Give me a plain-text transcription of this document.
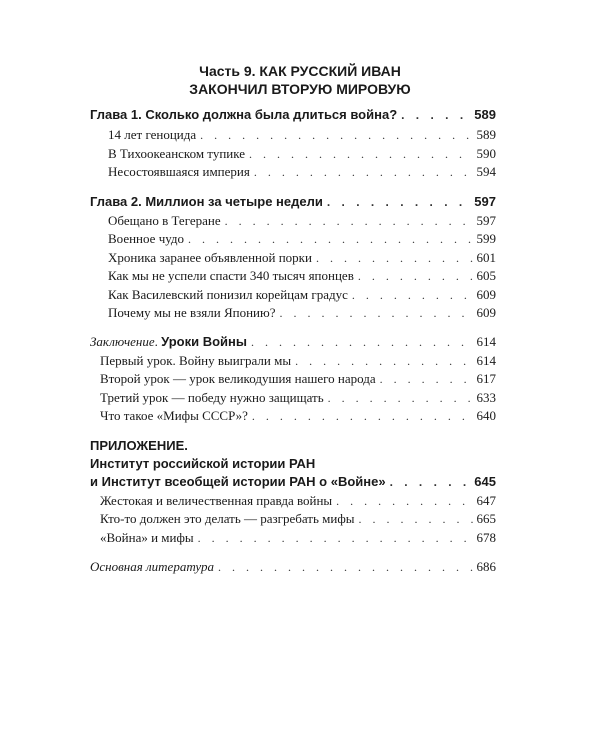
Часть 9. КАК РУССКИЙ ИВАН
ЗАКОНЧИЛ ВТОРУЮ МИРОВУЮ
Глава 1. Сколько должна была длиться война? . . .	589
14 лет геноцида . . .	589
В Тихоокеанском тупике . . .	590
Несостоявшаяся империя . . .	594
Глава 2. Миллион за четыре недели . . .	597
Обещано в Тегеране . . .	597
Военное чудо . . .	599
Хроника заранее объявленной порки . . .	601
Как мы не успели спасти 340 тысяч японцев . . .	605
Как Василевский понизил корейцам градус . . .	609
Почему мы не взяли Японию? . . .	609
Заключение. Уроки Войны . . .	614
Первый урок. Войну выиграли мы . . .	614
Второй урок — урок великодушия нашего народа . . .	617
Третий урок — победу нужно защищать . . .	633
Что такое «Мифы СССР»? . . .	640
ПРИЛОЖЕНИЕ.
Институт российской истории РАН
и Институт всеобщей истории РАН о «Войне» . . .	645
Жестокая и величественная правда войны . . .	647
Кто-то должен это делать — разгребать мифы . . .	665
«Война» и мифы . . .	678
Основная литература . . .	686
